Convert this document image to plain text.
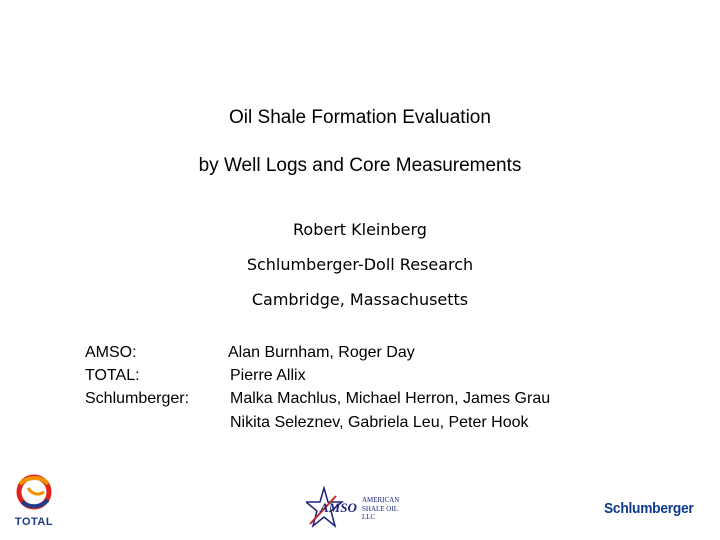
Oil Shale Formation Evaluation
by Well Logs and Core Measurements
Robert Kleinberg
Schlumberger-Doll Research
Cambridge, Massachusetts
AMSO:	Alan Burnham, Roger Day
TOTAL:	Pierre Allix
Schlumberger:	Malka Machlus, Michael Herron, James Grau
Nikita Seleznev, Gabriela Leu, Peter Hook
TOTAL
AMSO AMERICAN
SHALE OIL
LLC	Schlumberger
